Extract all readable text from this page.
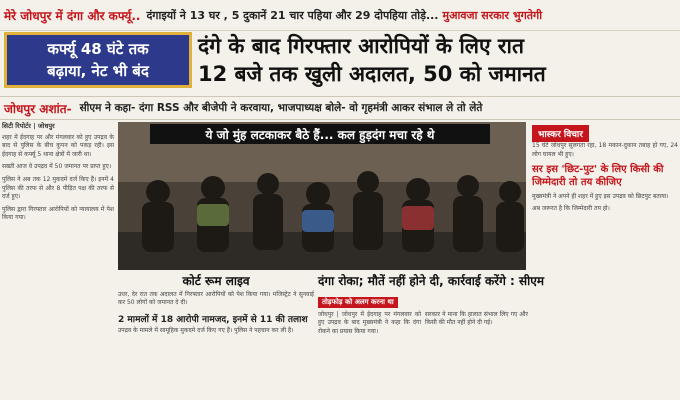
मेरे जोधपुर में दंगा और कर्फ्यू.. दंगाइयों ने 13 घर , 5 दुकानें 21 चार पहिया और 29 दोपहिया तोड़े... मुआवजा सरकार भुगतेगी
कर्फ्यू 48 घंटे तक
बढ़ाया, नेट भी बंद
दंगे के बाद गिरफ्तार आरोपियों के लिए रात
12 बजे तक खुली अदालत, 50 को जमानत
जोधपुर अशांत- सीएम ने कहा- दंगा RSS और बीजेपी ने करवाया, भाजपाध्यक्ष बोले- वो गृहमंत्री आकर संभाल ले तो लेते
सिटी रिपोर्टर | जोधपुर

शहर में ईदगाह पर और मंगलवार को हुए उपद्रव के बाद से पुलिस के बीच कुपन को पकड़ रही। इस ईदगाह से कर्फ्यू 5 थाना क्षेत्रों में जारी था।

सख्ती आज वे उपद्रव में 50 जमानत पर प्राप्त हुए।

पुलिस ने अब तक 12 मुकदमे दर्ज किए हैं। इनमें 4 पुलिस की तरफ से और 8 पीड़ित पक्ष की तरफ से दर्ज हुए।

पुलिस द्वारा गिरफ्तार आरोपियों को न्यायालय में पेश किया गया।

ये जो मुंह लटकाकर बैठे हैं... कल हुड़दंग मचा रहे थे	भास्कर विचार

15 घंटे जोधपुर सुलगता रहा, 18 मकान-दुकान तबाह हो गए, 24 लोग घायल भी हुए।

सर इस 'छिट-पुट' के लिए किसी की जिम्मेदारी तो तय कीजिए

मुख्यमंत्री ने अपने ही शहर में हुए इस उपद्रव को छिटपुट बताया।

अब जरूरत है कि जिम्मेदारी तय हो।

कोर्ट रूम लाइव

उधर, देर रात तक अदालत में गिरफ्तार आरोपियों को पेश किया गया। मजिस्ट्रेट ने सुनवाई कर 50 लोगों को जमानत दे दी।

2 मामलों में 18 आरोपी नामजद, इनमें से 11 की तलाश

उपद्रव के मामले में सामूहिक मुकदमे दर्ज किए गए हैं। पुलिस ने पहचान कर ली है।

दंगा रोका; मौतें नहीं होने दी, कार्रवाई करेंगे : सीएम
तोड़फोड़ को अलग करना था

जोधपुर | जोधपुर में ईदगाह पर मंगलवार को हुए उपद्रव के बाद मुख्यमंत्री ने कहा कि दंगा रोकने का प्रयास किया गया।

सरकार ने माना कि हालात संभाल लिए गए और किसी की मौत नहीं होने दी गई।
